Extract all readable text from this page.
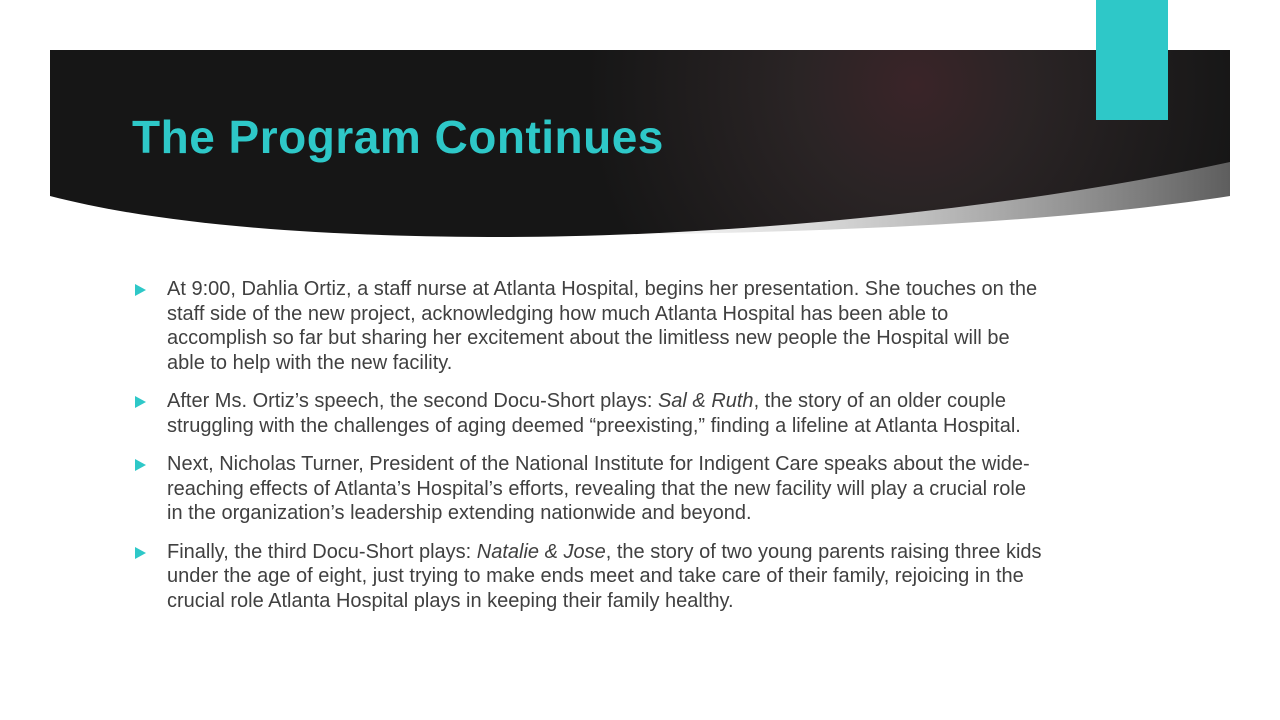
The Program Continues
At 9:00, Dahlia Ortiz, a staff nurse at Atlanta Hospital, begins her presentation. She touches on the staff side of the new project, acknowledging how much Atlanta Hospital has been able to accomplish so far but sharing her excitement about the limitless new people the Hospital will be able to help with the new facility.
After Ms. Ortiz’s speech, the second Docu-Short plays: Sal & Ruth, the story of an older couple struggling with the challenges of aging deemed “preexisting,” finding a lifeline at Atlanta Hospital.
Next, Nicholas Turner, President of the National Institute for Indigent Care speaks about the wide-reaching effects of Atlanta’s Hospital’s efforts, revealing that the new facility will play a crucial role in the organization’s leadership extending nationwide and beyond.
Finally, the third Docu-Short plays: Natalie & Jose, the story of two young parents raising three kids under the age of eight, just trying to make ends meet and take care of their family, rejoicing in the crucial role Atlanta Hospital plays in keeping their family healthy.
